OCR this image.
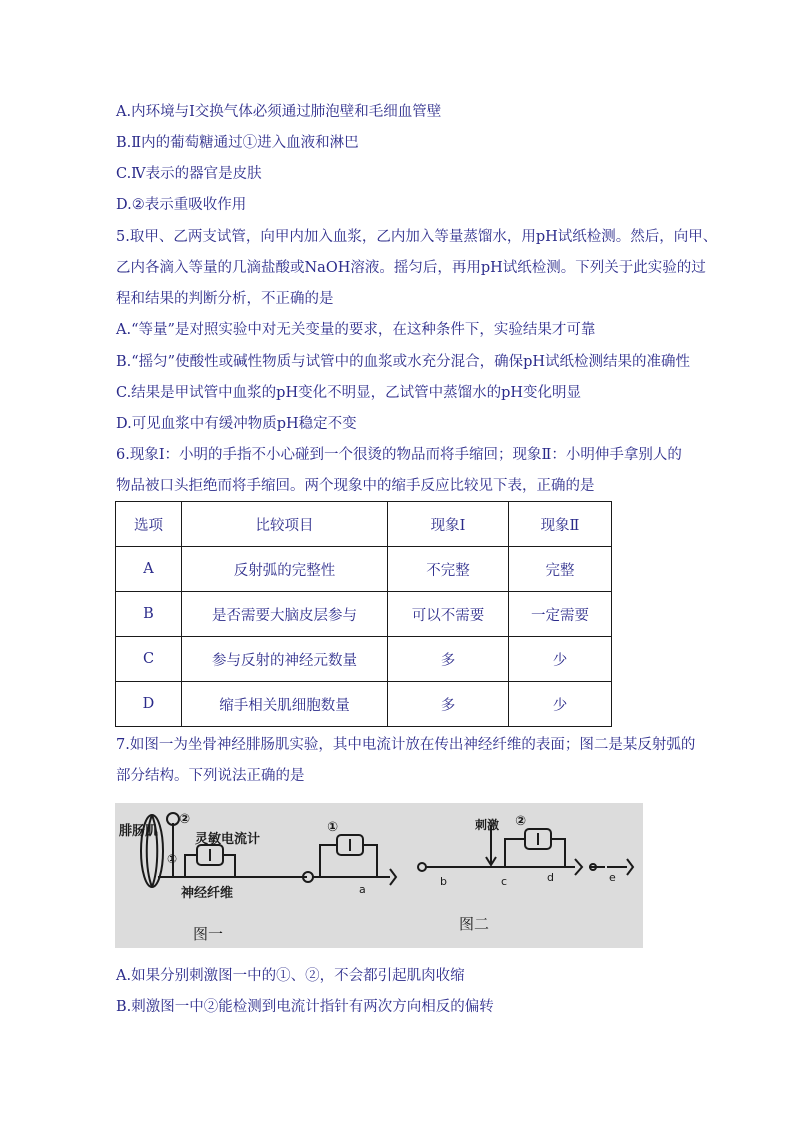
A.内环境与Ⅰ交换气体必须通过肺泡壁和毛细血管壁
B.Ⅱ内的葡萄糖通过①进入血液和淋巴
C.Ⅳ表示的器官是皮肤
D.②表示重吸收作用
5.取甲、乙两支试管，向甲内加入血浆，乙内加入等量蒸馏水，用pH试纸检测。然后，向甲、
乙内各滴入等量的几滴盐酸或NaOH溶液。摇匀后，再用pH试纸检测。下列关于此实验的过
程和结果的判断分析，不正确的是
A.“等量”是对照实验中对无关变量的要求，在这种条件下，实验结果才可靠
B.“摇匀”使酸性或碱性物质与试管中的血浆或水充分混合，确保pH试纸检测结果的准确性
C.结果是甲试管中血浆的pH变化不明显，乙试管中蒸馏水的pH变化明显
D.可见血浆中有缓冲物质pH稳定不变
6.现象Ⅰ：小明的手指不小心碰到一个很烫的物品而将手缩回；现象Ⅱ：小明伸手拿别人的
物品被口头拒绝而将手缩回。两个现象中的缩手反应比较见下表，正确的是
选项	比较项目	现象Ⅰ	现象Ⅱ
A	反射弧的完整性	不完整	完整
B	是否需要大脑皮层参与	可以不需要	一定需要
C	参与反射的神经元数量	多	少
D	缩手相关肌细胞数量	多	少
7.如图一为坐骨神经腓肠肌实验，其中电流计放在传出神经纤维的表面；图二是某反射弧的
部分结构。下列说法正确的是
腓肠肌
②
①
灵敏电流计
神经纤维
①
a
刺激 ②
b	c	d	e
图一
图二
A.如果分别刺激图一中的①、②，不会都引起肌肉收缩
B.刺激图一中②能检测到电流计指针有两次方向相反的偏转
